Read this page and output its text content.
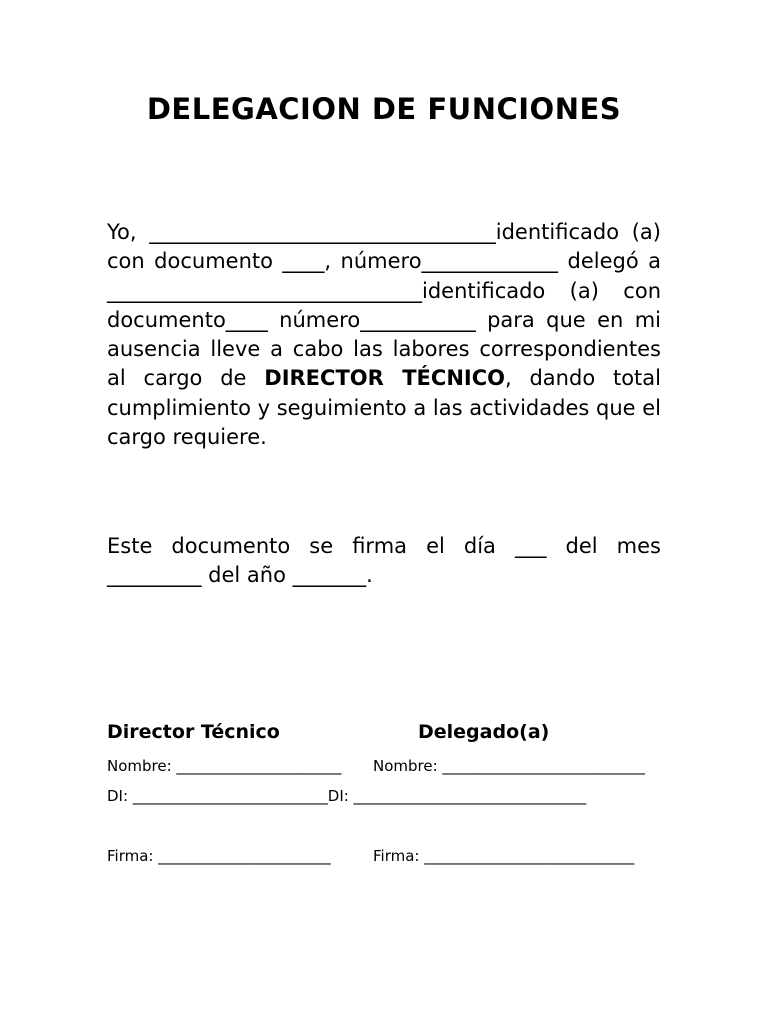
DELEGACION DE FUNCIONES

Yo, _________________________________identificado (a) con documento ____, número_____________ delegó a ______________________________identificado (a) con documento____ número___________ para que en mi ausencia lleve a cabo las labores correspondientes al cargo de DIRECTOR TÉCNICO, dando total cumplimiento y seguimiento a las actividades que el cargo requiere.

Este documento se firma el día ___ del mes _________ del año _______.

Director Técnico	Delegado(a)

Nombre: ______________________ Nombre: ___________________________

DI: __________________________DI: _______________________________

Firma: _______________________	Firma: ____________________________
